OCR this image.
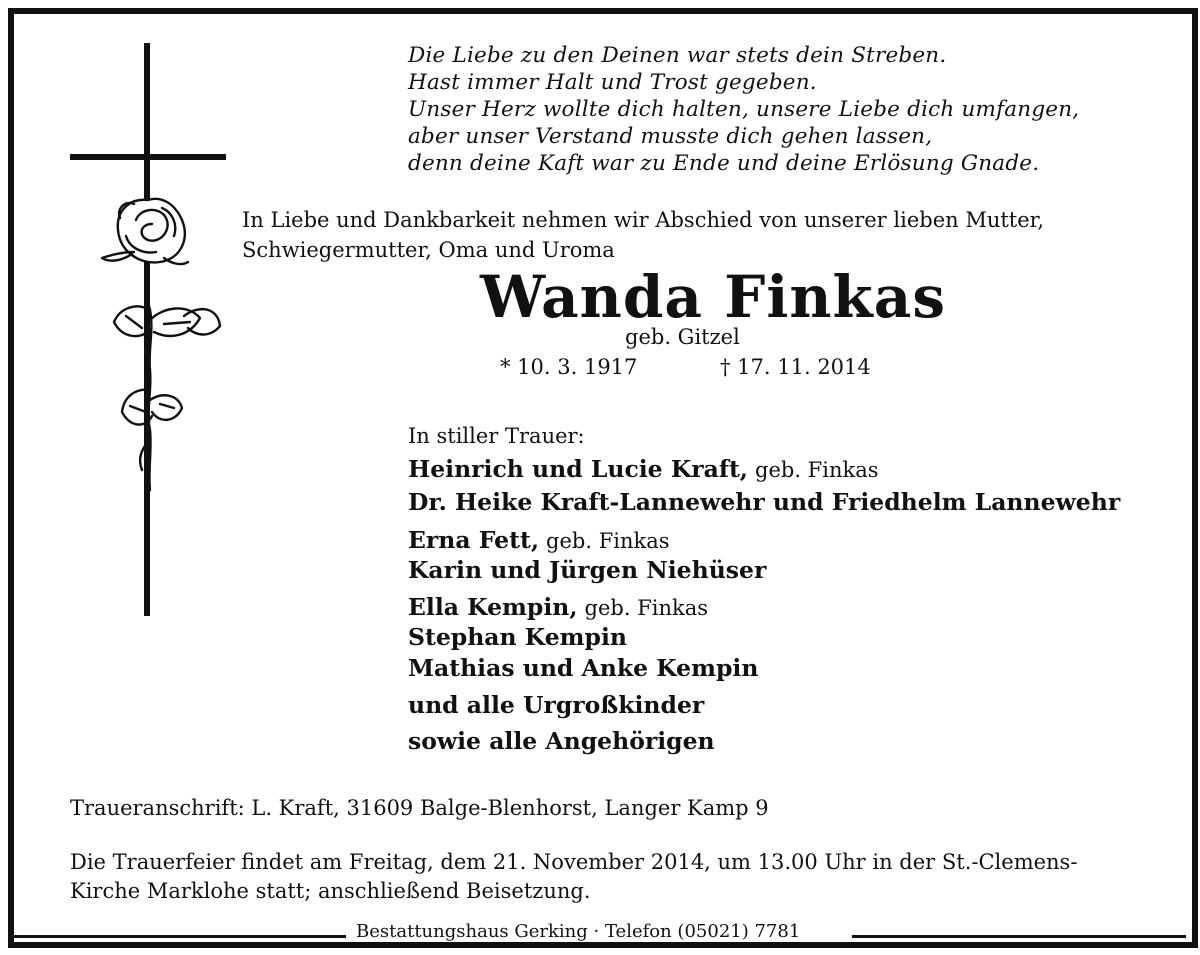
Die Liebe zu den Deinen war stets dein Streben.
Hast immer Halt und Trost gegeben.
Unser Herz wollte dich halten, unsere Liebe dich umfangen,
aber unser Verstand musste dich gehen lassen,
denn deine Kaft war zu Ende und deine Erlösung Gnade.
In Liebe und Dankbarkeit nehmen wir Abschied von unserer lieben Mutter,
Schwiegermutter, Oma und Uroma
Wanda Finkas
geb. Gitzel
* 10. 3. 1917	† 17. 11. 2014
In stiller Trauer:
Heinrich und Lucie Kraft, geb. Finkas
Dr. Heike Kraft-Lannewehr und Friedhelm Lannewehr
Erna Fett, geb. Finkas
Karin und Jürgen Niehüser
Ella Kempin, geb. Finkas
Stephan Kempin
Mathias und Anke Kempin
und alle Urgroßkinder
sowie alle Angehörigen
Traueranschrift: L. Kraft, 31609 Balge-Blenhorst, Langer Kamp 9
Die Trauerfeier findet am Freitag, dem 21. November 2014, um 13.00 Uhr in der St.-Clemens-
Kirche Marklohe statt; anschließend Beisetzung.
Bestattungshaus Gerking · Telefon (05021) 7781
